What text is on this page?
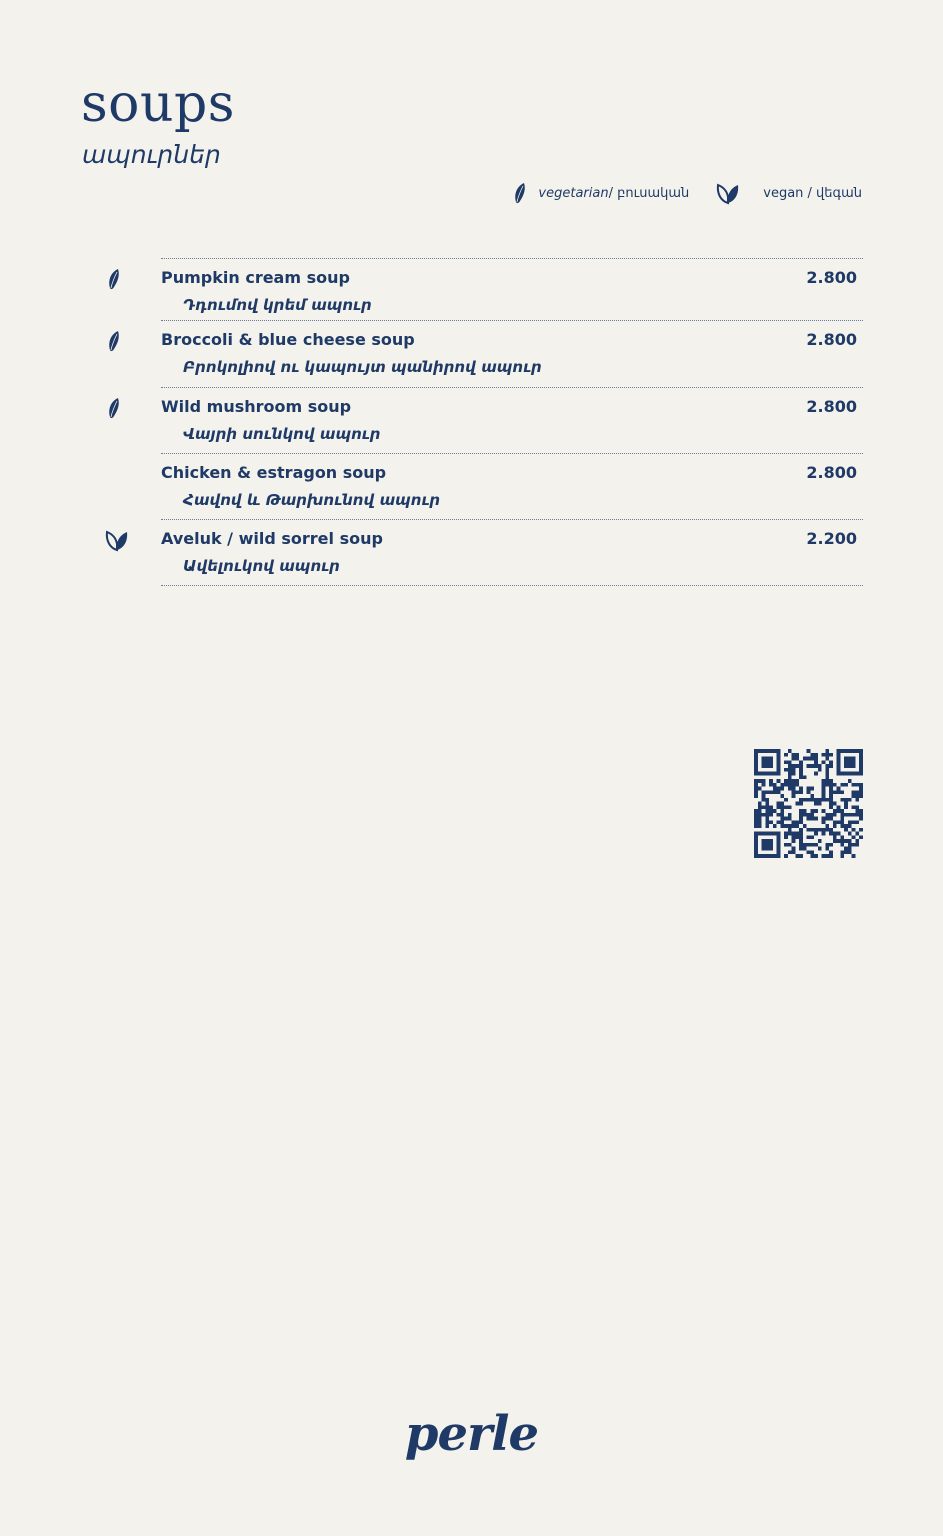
soups
ապուրներ
vegetarian / բուսական	vegan / վեգան
Pumpkin cream soup
Դդումով կրեմ ապուր
2.800
Broccoli & blue cheese soup
Բրոկոլիով ու կապույտ պանիրով ապուր
2.800
Wild mushroom soup
Վայրի սունկով ապուր
2.800
Chicken & estragon soup
Հավով և Թարխունով ապուր
2.800
Aveluk / wild sorrel soup
Ավելուկով ապուր
2.200
perle
